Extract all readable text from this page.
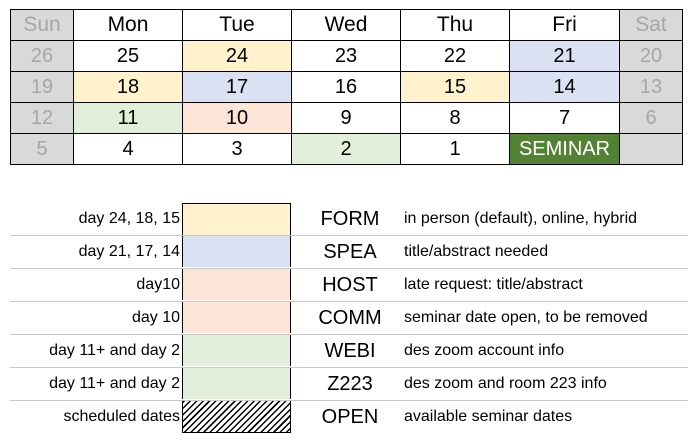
Sun	Mon	Tue	Wed	Thu	Fri	Sat
26	25	24	23	22	21	20
19	18	17	16	15	14	13
12	11	10	9	8	7	6
5	4	3	2	1	SEMINAR	
day 24, 18, 15	FORM	in person (default), online, hybrid
day 21, 17, 14	SPEA	title/abstract needed
day10	HOST	late request: title/abstract
day 10	COMM	seminar date open, to be removed
day 11+ and day 2	WEBI	des zoom account info
day 11+ and day 2	Z223	des zoom and room 223 info
scheduled dates	OPEN	available seminar dates
